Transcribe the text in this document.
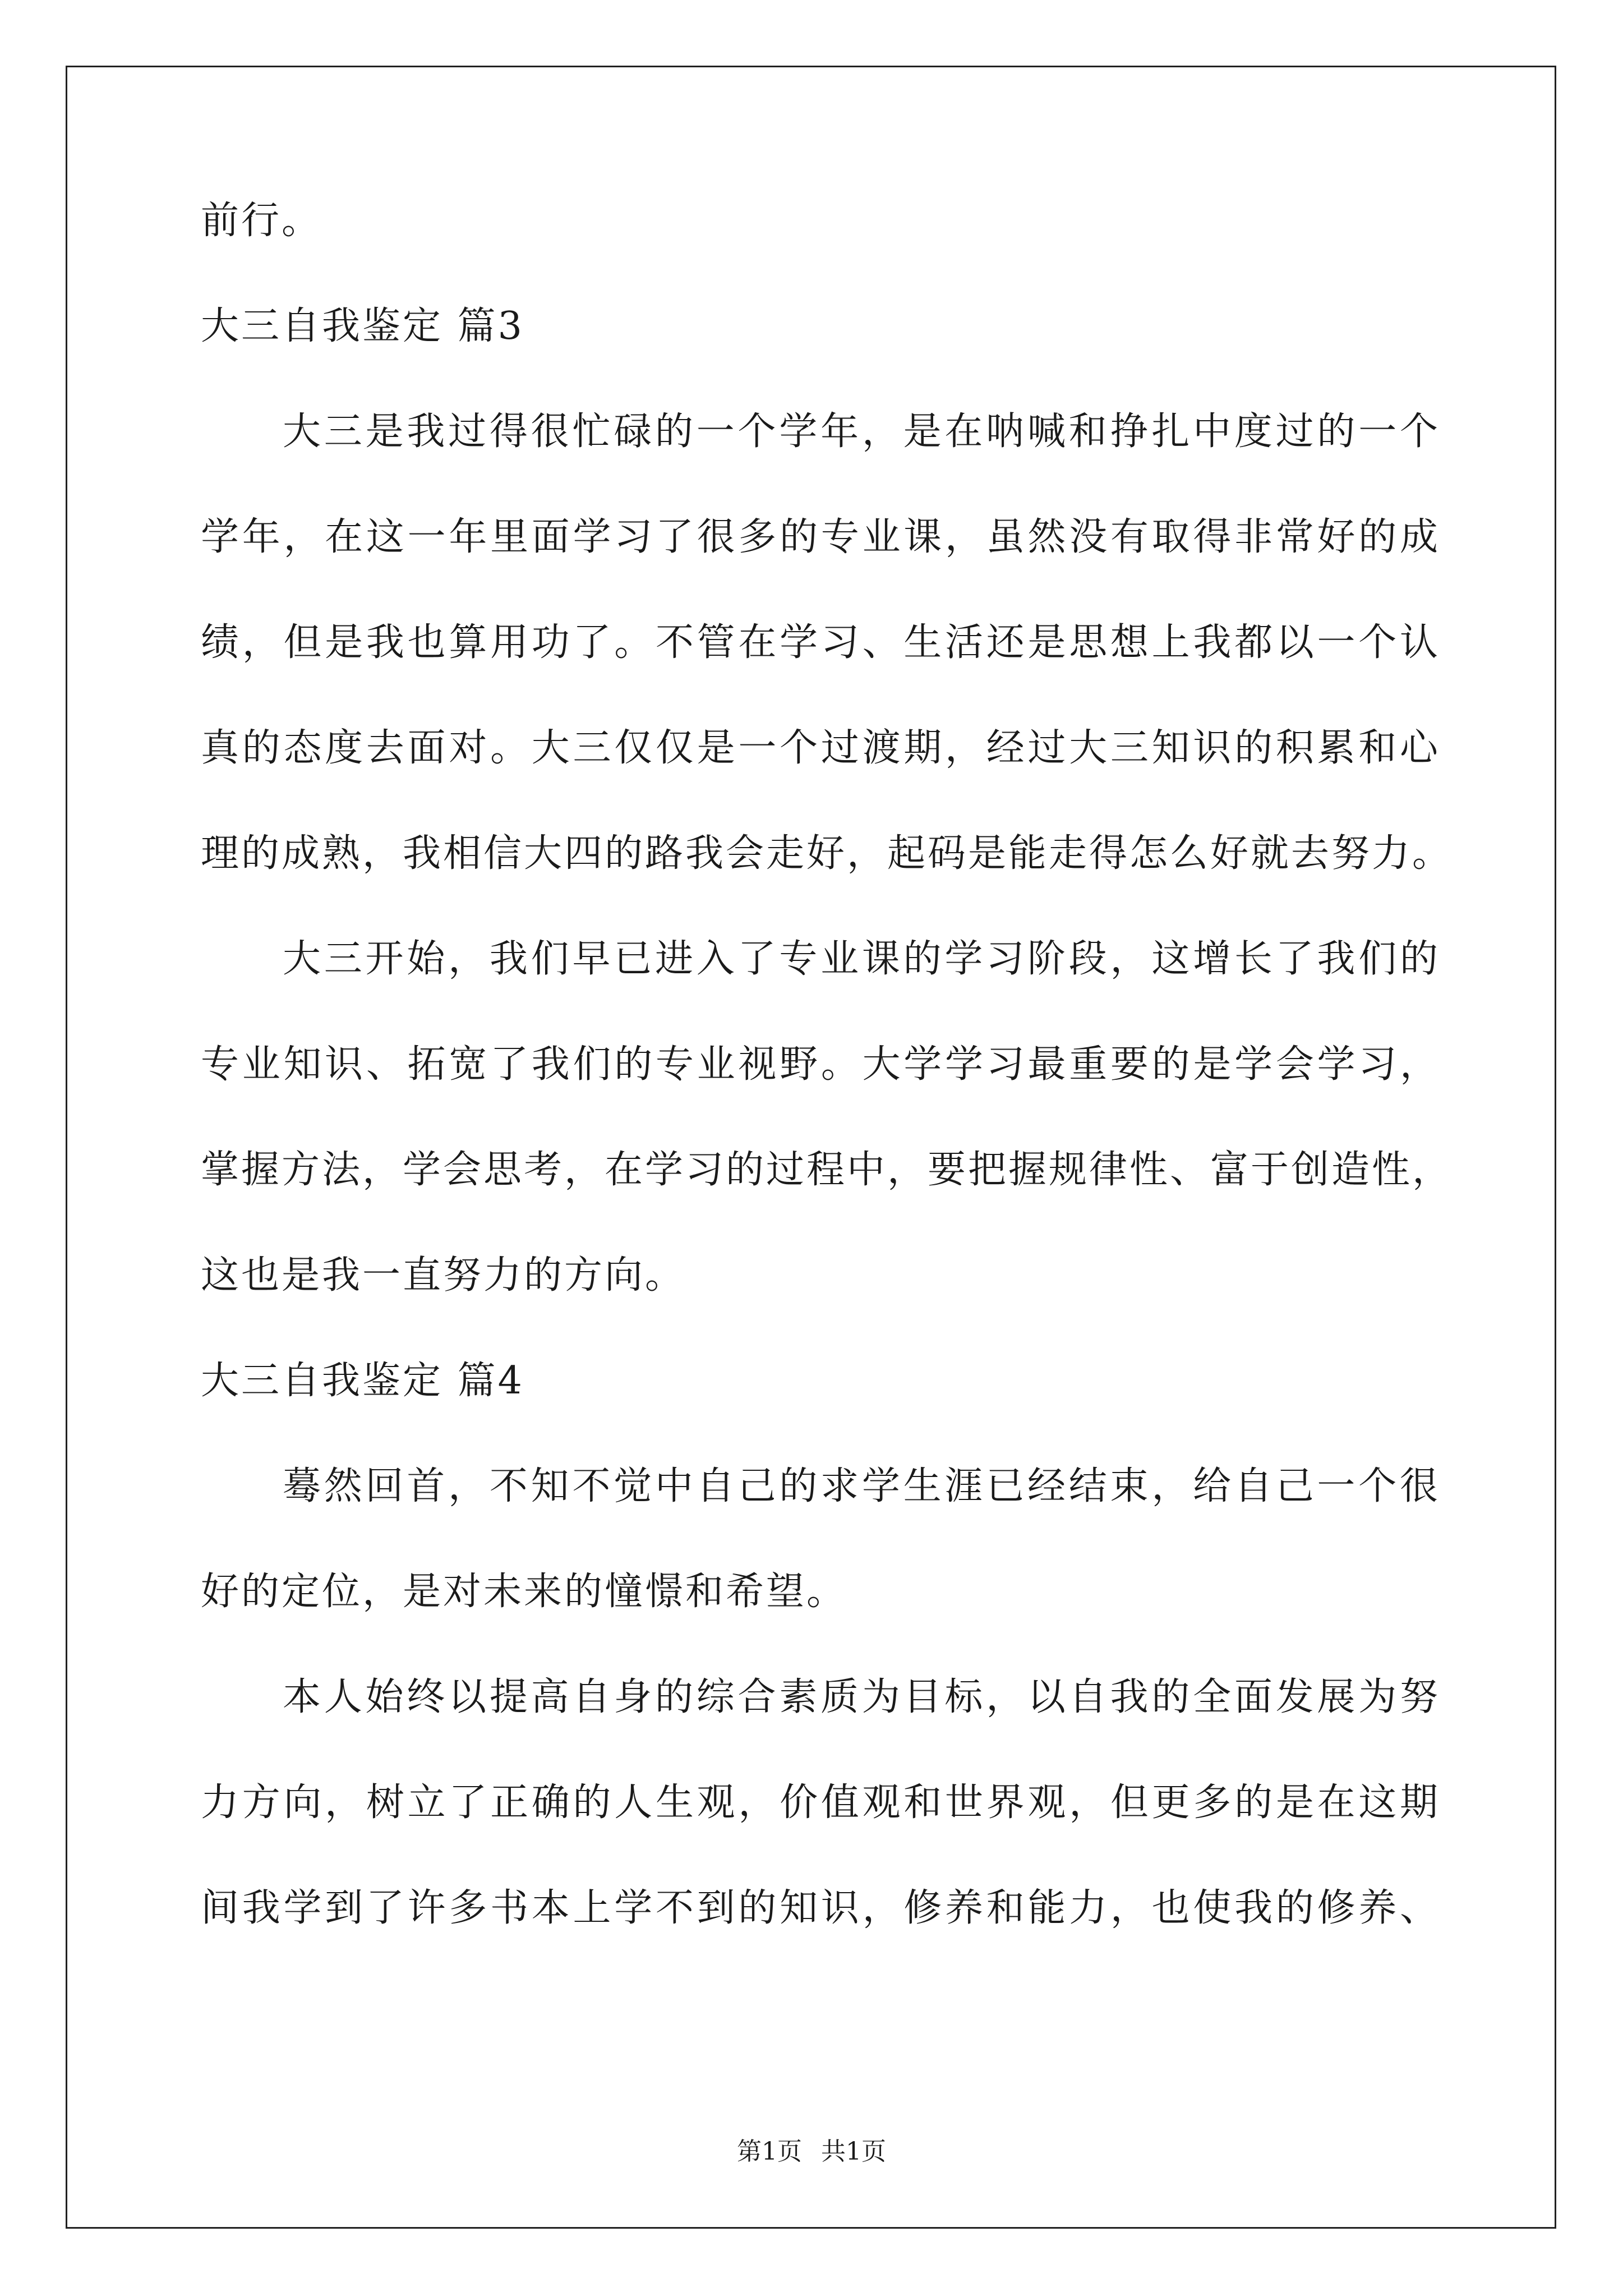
前行。
大三自我鉴定 篇3
大三是我过得很忙碌的一个学年，是在呐喊和挣扎中度过的一个
学年，在这一年里面学习了很多的专业课，虽然没有取得非常好的成
绩，但是我也算用功了。不管在学习、生活还是思想上我都以一个认
真的态度去面对。大三仅仅是一个过渡期，经过大三知识的积累和心
理的成熟，我相信大四的路我会走好，起码是能走得怎么好就去努力。
大三开始，我们早已进入了专业课的学习阶段，这增长了我们的
专业知识、拓宽了我们的专业视野。大学学习最重要的是学会学习，
掌握方法，学会思考，在学习的过程中，要把握规律性、富于创造性，
这也是我一直努力的方向。
大三自我鉴定 篇4
蓦然回首，不知不觉中自己的求学生涯已经结束，给自己一个很
好的定位，是对未来的憧憬和希望。
本人始终以提高自身的综合素质为目标，以自我的全面发展为努
力方向，树立了正确的人生观，价值观和世界观，但更多的是在这期
间我学到了许多书本上学不到的知识，修养和能力，也使我的修养、
第1页 共1页
